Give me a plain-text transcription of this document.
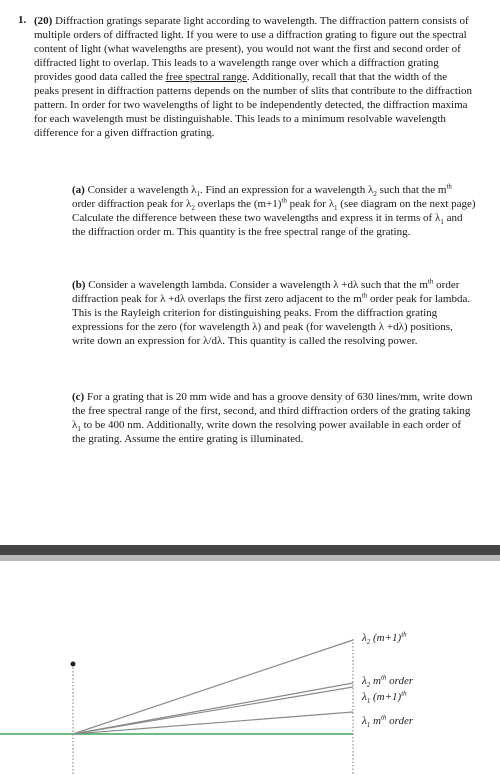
1. (20) Diffraction gratings separate light according to wavelength. The diffraction pattern consists of multiple orders of diffracted light. If you were to use a diffraction grating to figure out the spectral content of light (what wavelengths are present), you would not want the first and second order of diffracted light to overlap. This leads to a wavelength range over which a diffraction grating provides good data called the free spectral range. Additionally, recall that that the width of the peaks present in diffraction patterns depends on the number of slits that contribute to the diffraction pattern. In order for two wavelengths of light to be independently detected, the diffraction maxima for each wavelength must be distinguishable. This leads to a minimum resolvable wavelength difference for a given diffraction grating.
(a) Consider a wavelength $\lambda_1$. Find an expression for a wavelength $\lambda_2$ such that the $m^{th}$ order diffraction peak for $\lambda_2$ overlaps the $(m+1)^{th}$ peak for $\lambda_1$ (see diagram on the next page) Calculate the difference between these two wavelengths and express it in terms of $\lambda_1$ and the diffraction order m. This quantity is the free spectral range of the grating.
(b) Consider a wavelength lambda. Consider a wavelength λ +dλ such that the $m^{th}$ order diffraction peak for λ +dλ overlaps the first zero adjacent to the $m^{th}$ order peak for lambda. This is the Rayleigh criterion for distinguishing peaks. From the diffraction grating expressions for the zero (for wavelength λ) and peak (for wavelength λ +dλ) positions, write down an expression for λ/dλ. This quantity is called the resolving power.
(c) For a grating that is 20 mm wide and has a groove density of 630 lines/mm, write down the free spectral range of the first, second, and third diffraction orders of the grating taking $\lambda_1$ to be 400 nm. Additionally, write down the resolving power available in each order of the grating. Assume the entire grating is illuminated.
$\lambda_2$ $(m+1)^{th}$
$\lambda_2$ $m^{th}$ order
$\lambda_1$ $(m+1)^{th}$
$\lambda_1$ $m^{th}$ order
